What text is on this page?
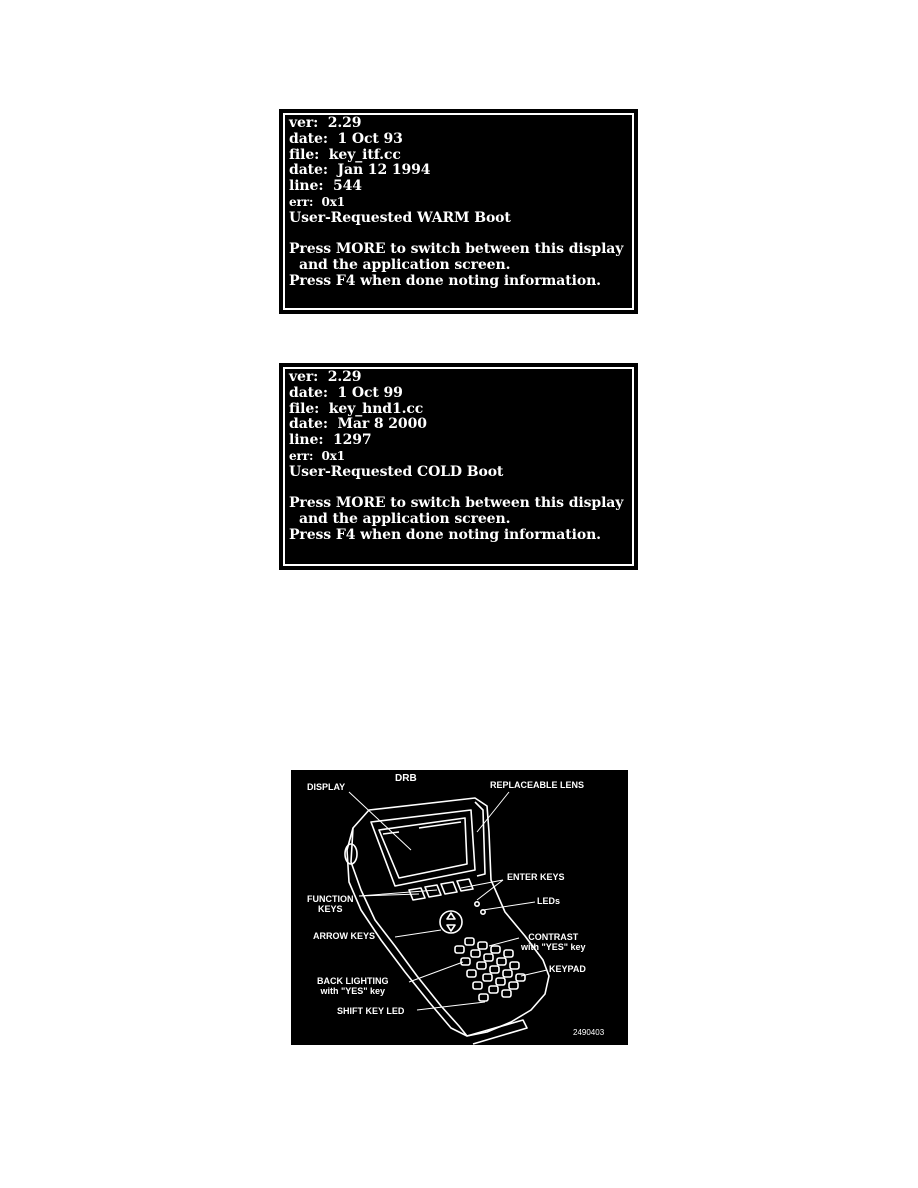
ver:  2.29
date:  1 Oct 93
file:  key_itf.cc
date:  Jan 12 1994
line:  544
err:  0x1
User-Requested WARM Boot
Press MORE to switch between this display
and the application screen.
Press F4 when done noting information.
ver:  2.29
date:  1 Oct 99
file:  key_hnd1.cc
date:  Mar 8 2000
line:  1297
err:  0x1
User-Requested COLD Boot
Press MORE to switch between this display
and the application screen.
Press F4 when done noting information.
DRB
DISPLAY	REPLACEABLE LENS
ENTER KEYS
FUNCTION
KEYS
LEDs
ARROW KEYS	CONTRAST
with "YES" key
BACK LIGHTING
with "YES" key
KEYPAD
SHIFT KEY LED
2490403
